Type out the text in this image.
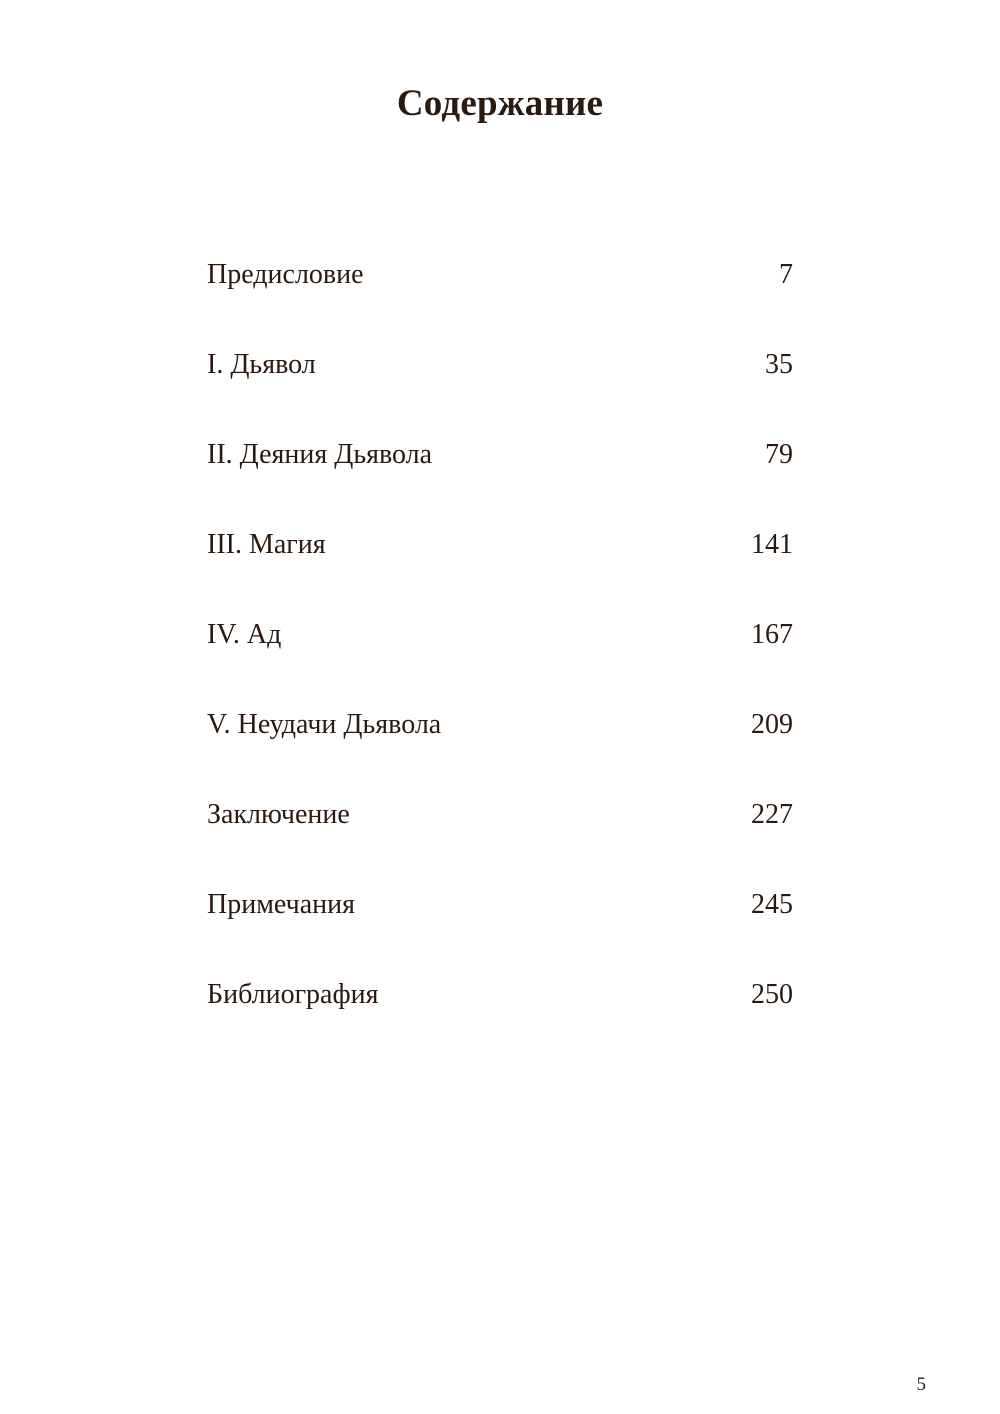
Содержание
Предисловие	7
I. Дьявол	35
II. Деяния Дьявола	79
III. Магия	141
IV. Ад	167
V. Неудачи Дьявола	209
Заключение	227
Примечания	245
Библиография	250
5
